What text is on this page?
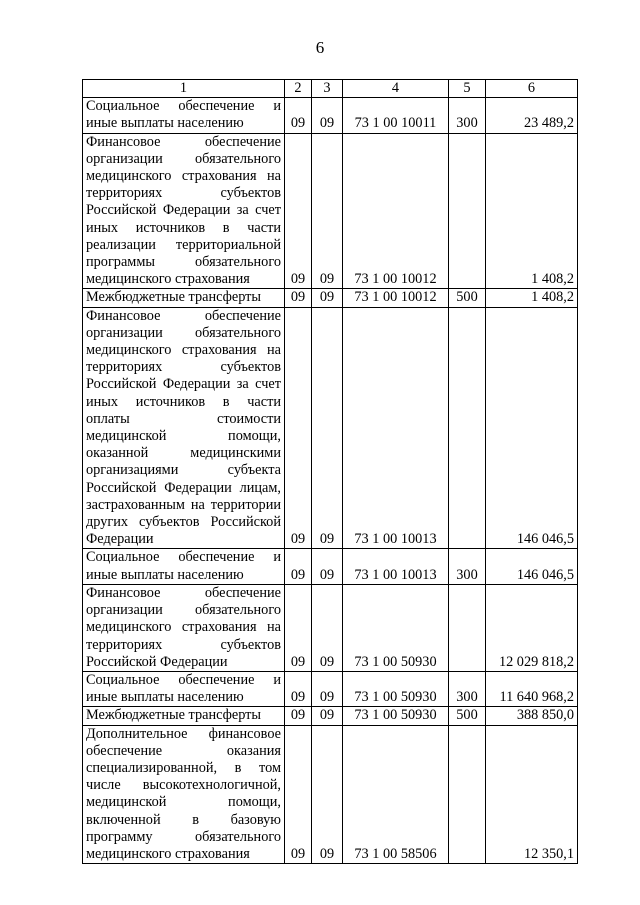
6
1	2	3	4	5	6
Социальное обеспечение и иные выплаты населению	09	09	73 1 00 10011	300	23 489,2
Финансовое обеспечение организации обязательного медицинского страхования на территориях субъектов Российской Федерации за счет иных источников в части реализации территориальной программы обязательного медицинского страхования	09	09	73 1 00 10012		1 408,2
Межбюджетные трансферты	09	09	73 1 00 10012	500	1 408,2
Финансовое обеспечение организации обязательного медицинского страхования на территориях субъектов Российской Федерации за счет иных источников в части оплаты стоимости медицинской помощи, оказанной медицинскими организациями субъекта Российской Федерации лицам, застрахованным на территории других субъектов Российской Федерации	09	09	73 1 00 10013		146 046,5
Социальное обеспечение и иные выплаты населению	09	09	73 1 00 10013	300	146 046,5
Финансовое обеспечение организации обязательного медицинского страхования на территориях субъектов Российской Федерации	09	09	73 1 00 50930		12 029 818,2
Социальное обеспечение и иные выплаты населению	09	09	73 1 00 50930	300	11 640 968,2
Межбюджетные трансферты	09	09	73 1 00 50930	500	388 850,0
Дополнительное финансовое обеспечение оказания специализированной, в том числе высокотехнологичной, медицинской помощи, включенной в базовую программу обязательного медицинского страхования	09	09	73 1 00 58506		12 350,1
